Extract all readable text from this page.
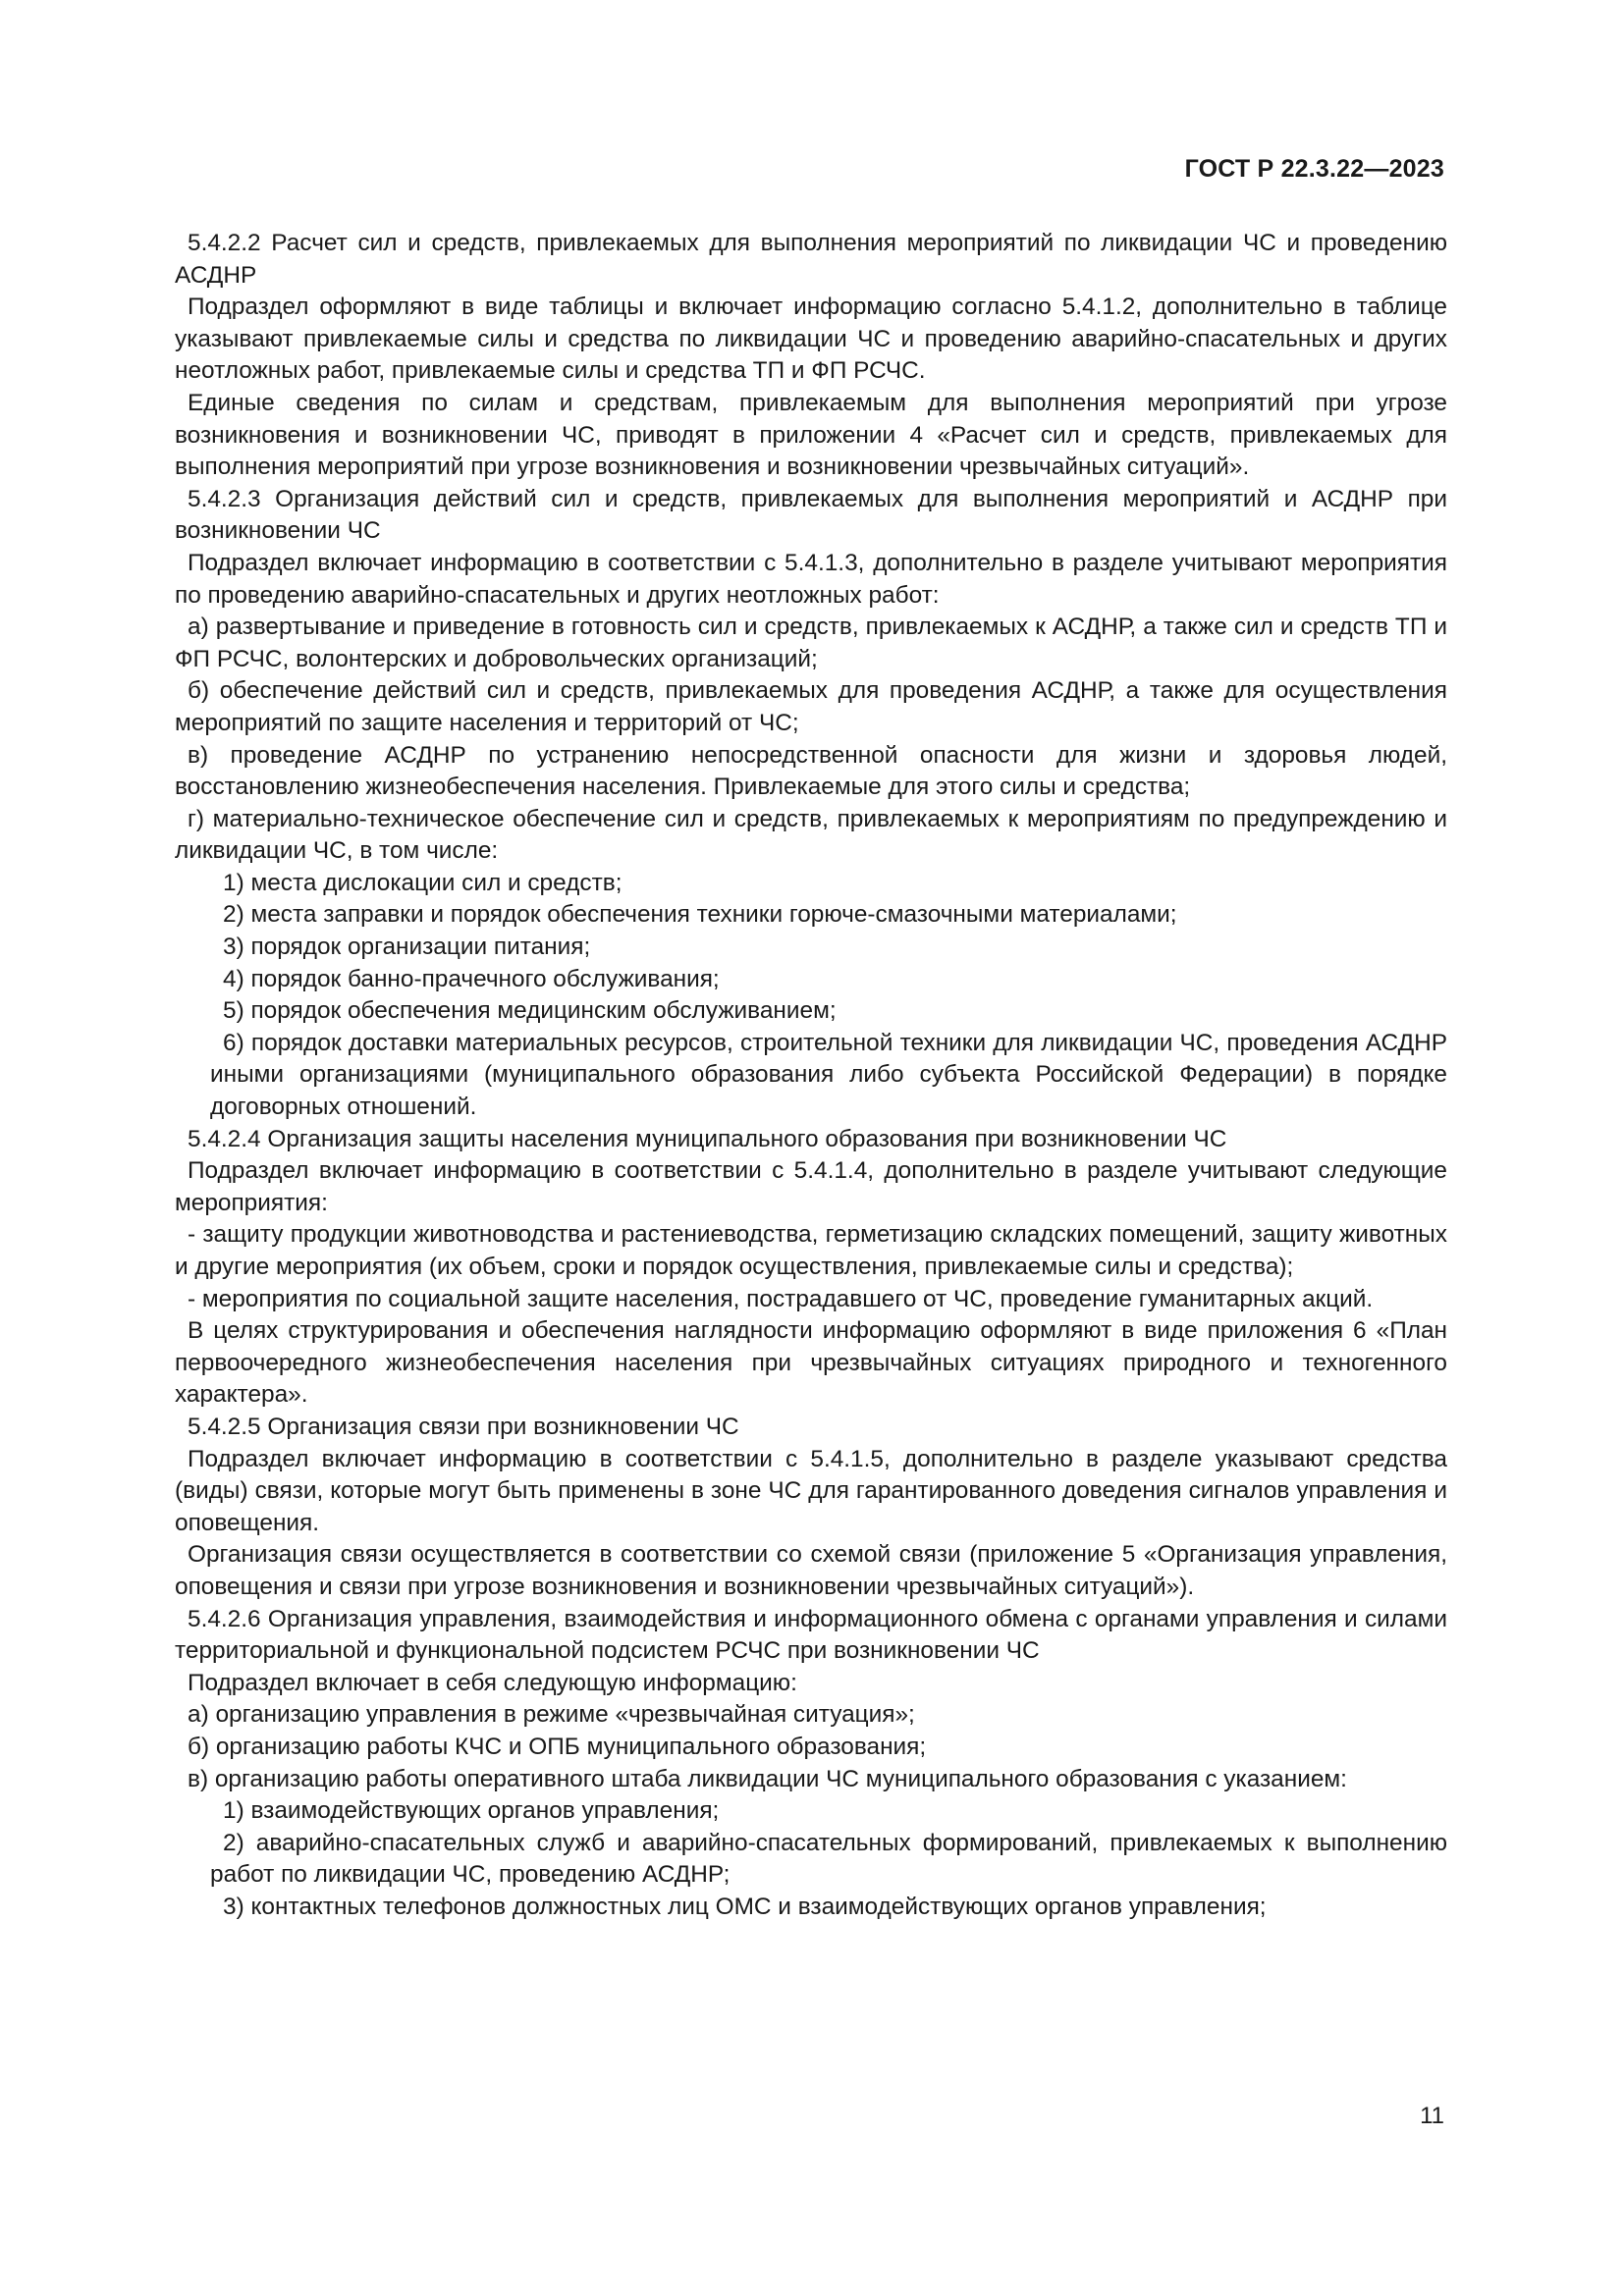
ГОСТ Р 22.3.22—2023

5.4.2.2 Расчет сил и средств, привлекаемых для выполнения мероприятий по ликвидации ЧС и проведению АСДНР

Подраздел оформляют в виде таблицы и включает информацию согласно 5.4.1.2, дополнительно в таблице указывают привлекаемые силы и средства по ликвидации ЧС и проведению аварийно-спасательных и других неотложных работ, привлекаемые силы и средства ТП и ФП РСЧС.

Единые сведения по силам и средствам, привлекаемым для выполнения мероприятий при угрозе возникновения и возникновении ЧС, приводят в приложении 4 «Расчет сил и средств, привлекаемых для выполнения мероприятий при угрозе возникновения и возникновении чрезвычайных ситуаций».

5.4.2.3 Организация действий сил и средств, привлекаемых для выполнения мероприятий и АСДНР при возникновении ЧС

Подраздел включает информацию в соответствии с 5.4.1.3, дополнительно в разделе учитывают мероприятия по проведению аварийно-спасательных и других неотложных работ:

а) развертывание и приведение в готовность сил и средств, привлекаемых к АСДНР, а также сил и средств ТП и ФП РСЧС, волонтерских и добровольческих организаций;

б) обеспечение действий сил и средств, привлекаемых для проведения АСДНР, а также для осуществления мероприятий по защите населения и территорий от ЧС;

в) проведение АСДНР по устранению непосредственной опасности для жизни и здоровья людей, восстановлению жизнеобеспечения населения. Привлекаемые для этого силы и средства;

г) материально-техническое обеспечение сил и средств, привлекаемых к мероприятиям по предупреждению и ликвидации ЧС, в том числе:

1) места дислокации сил и средств;

2) места заправки и порядок обеспечения техники горюче-смазочными материалами;

3) порядок организации питания;

4) порядок банно-прачечного обслуживания;

5) порядок обеспечения медицинским обслуживанием;

6) порядок доставки материальных ресурсов, строительной техники для ликвидации ЧС, проведения АСДНР иными организациями (муниципального образования либо субъекта Российской Федерации) в порядке договорных отношений.

5.4.2.4 Организация защиты населения муниципального образования при возникновении ЧС

Подраздел включает информацию в соответствии с 5.4.1.4, дополнительно в разделе учитывают следующие мероприятия:

- защиту продукции животноводства и растениеводства, герметизацию складских помещений, защиту животных и другие мероприятия (их объем, сроки и порядок осуществления, привлекаемые силы и средства);

- мероприятия по социальной защите населения, пострадавшего от ЧС, проведение гуманитарных акций.

В целях структурирования и обеспечения наглядности информацию оформляют в виде приложения 6 «План первоочередного жизнеобеспечения населения при чрезвычайных ситуациях природного и техногенного характера».

5.4.2.5 Организация связи при возникновении ЧС

Подраздел включает информацию в соответствии с 5.4.1.5, дополнительно в разделе указывают средства (виды) связи, которые могут быть применены в зоне ЧС для гарантированного доведения сигналов управления и оповещения.

Организация связи осуществляется в соответствии со схемой связи (приложение 5 «Организация управления, оповещения и связи при угрозе возникновения и возникновении чрезвычайных ситуаций»).

5.4.2.6 Организация управления, взаимодействия и информационного обмена с органами управления и силами территориальной и функциональной подсистем РСЧС при возникновении ЧС

Подраздел включает в себя следующую информацию:

а) организацию управления в режиме «чрезвычайная ситуация»;

б) организацию работы КЧС и ОПБ муниципального образования;

в) организацию работы оперативного штаба ликвидации ЧС муниципального образования с указанием:

1) взаимодействующих органов управления;

2) аварийно-спасательных служб и аварийно-спасательных формирований, привлекаемых к выполнению работ по ликвидации ЧС, проведению АСДНР;

3) контактных телефонов должностных лиц ОМС и взаимодействующих органов управления;

11
